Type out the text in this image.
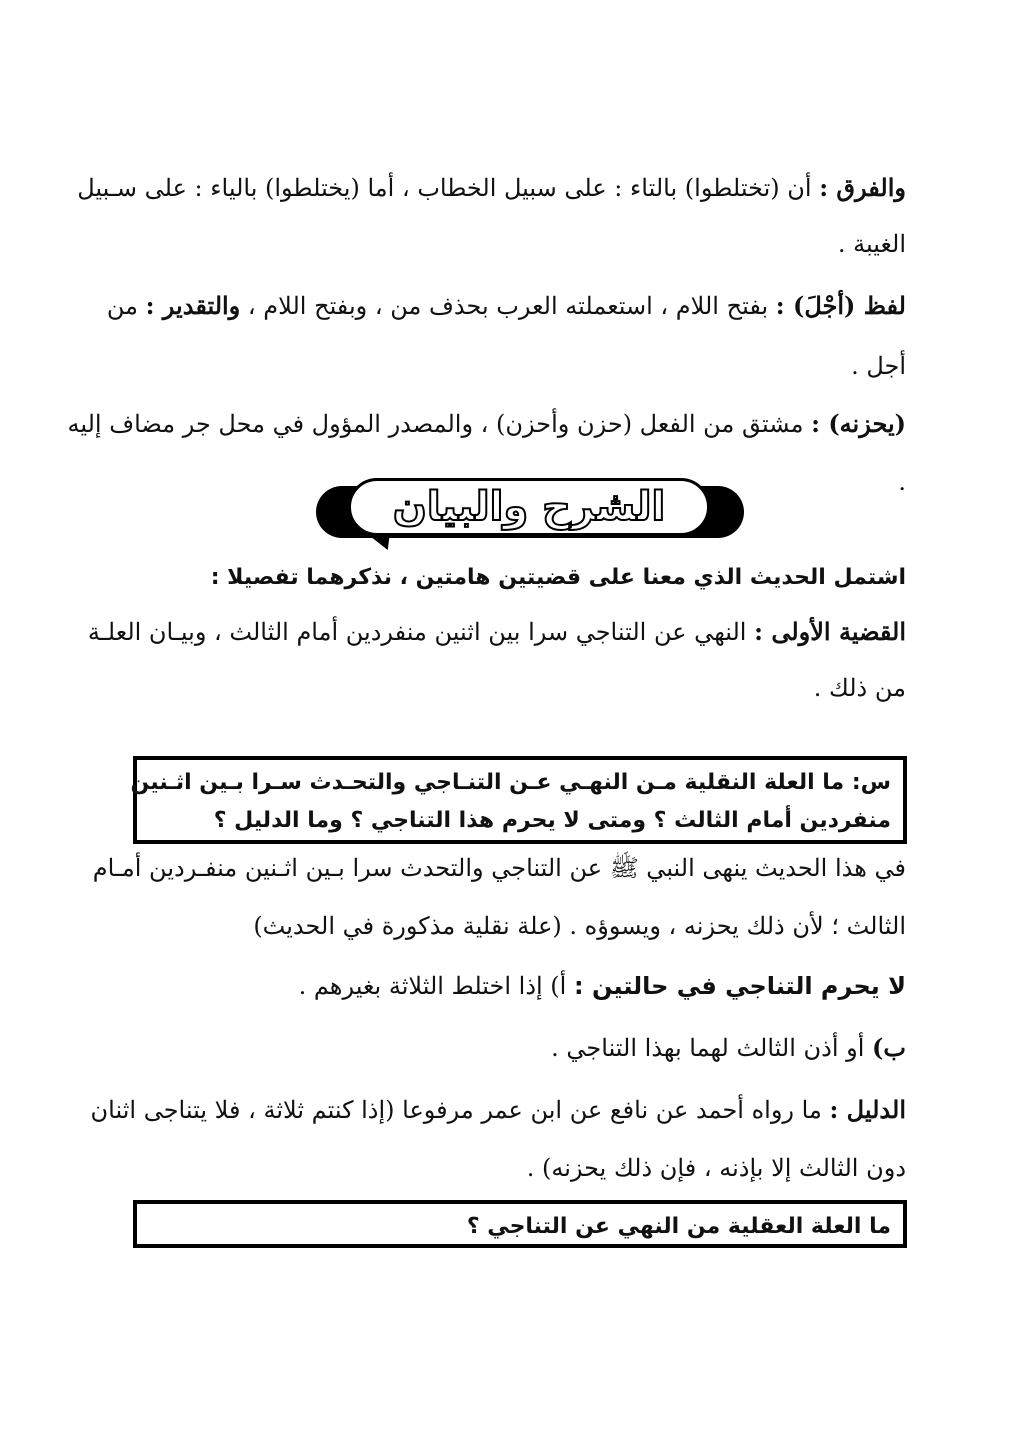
والفرق : أن (تختلطوا) بالتاء : على سبيل الخطاب ، أما (يختلطوا) بالياء : على سـبيل
الغيبة .
لفظ (أجْلَ) : بفتح اللام ، استعملته العرب بحذف من ، وبفتح اللام ، والتقدير : من
أجل .
(يحزنه) : مشتق من الفعل (حزن وأحزن) ، والمصدر المؤول في محل جر مضاف إليه
.
الشرح والبيان
اشتمل الحديث الذي معنا على قضيتين هامتين ، نذكرهما تفصيلا :
القضية الأولى : النهي عن التناجي سرا بين اثنين منفردين أمام الثالث ، وبيـان العلـة
من ذلك .
س: ما العلة النقلية مـن النهـي عـن التنـاجي والتحـدث سـرا بـين اثـنين
منفردين أمام الثالث ؟ ومتى لا يحرم هذا التناجي ؟ وما الدليل ؟
في هذا الحديث ينهى النبي ﷺ عن التناجي والتحدث سرا بـين اثـنين منفـردين أمـام
الثالث ؛ لأن ذلك يحزنه ، ويسوؤه . (علة نقلية مذكورة في الحديث)
لا يحرم التناجي في حالتين : أ) إذا اختلط الثلاثة بغيرهم .
ب) أو أذن الثالث لهما بهذا التناجي .
الدليل : ما رواه أحمد عن نافع عن ابن عمر مرفوعا (إذا كنتم ثلاثة ، فلا يتناجى اثنان
دون الثالث إلا بإذنه ، فإن ذلك يحزنه) .
ما العلة العقلية من النهي عن التناجي ؟
